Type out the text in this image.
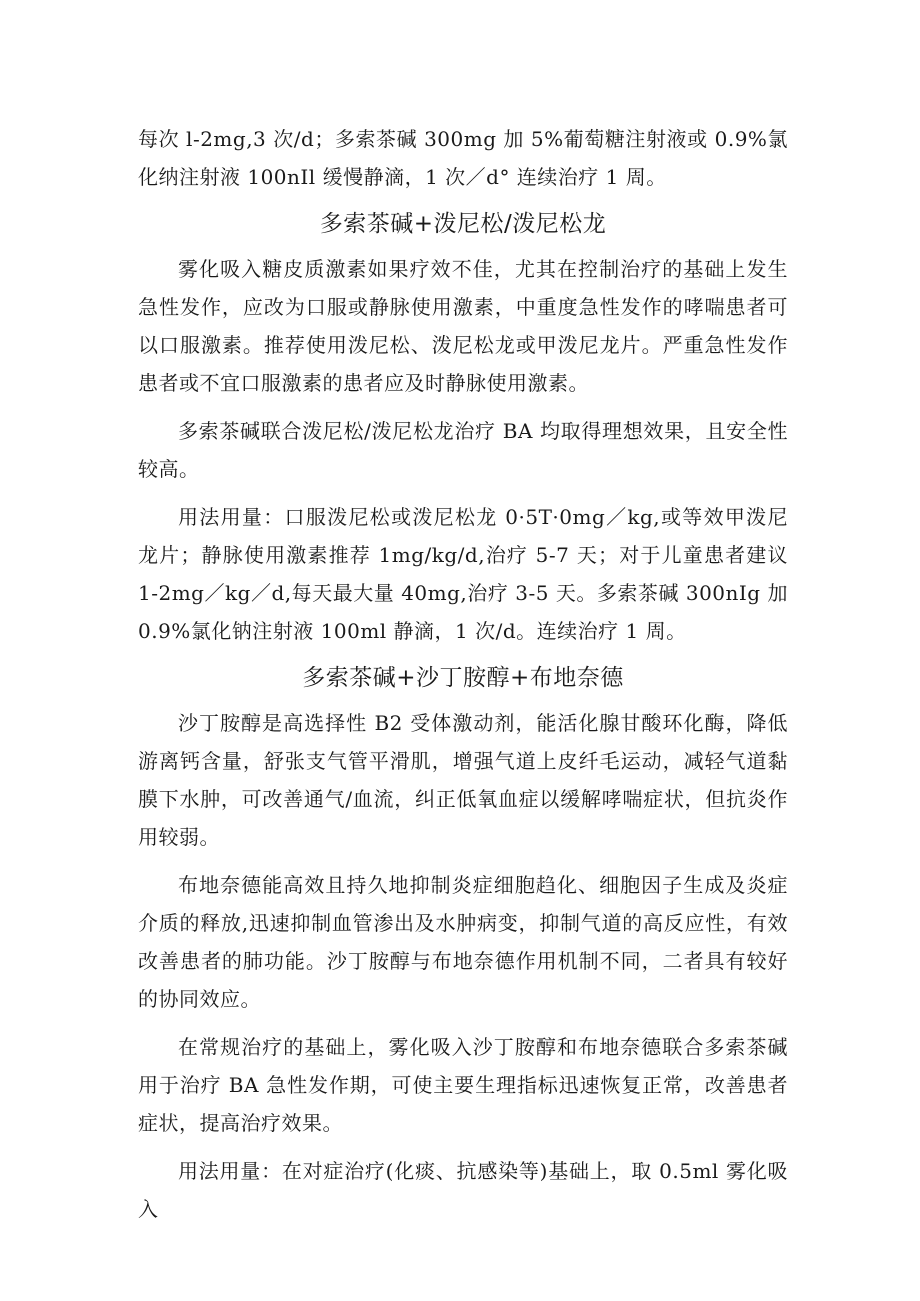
每次 l-2mg,3 次/d；多索茶碱 300mg 加 5%葡萄糖注射液或 0.9%氯化纳注射液 100nIl 缓慢静滴，1 次／d° 连续治疗 1 周。

多索茶碱+泼尼松/泼尼松龙

雾化吸入糖皮质激素如果疗效不佳，尤其在控制治疗的基础上发生急性发作，应改为口服或静脉使用激素，中重度急性发作的哮喘患者可以口服激素。推荐使用泼尼松、泼尼松龙或甲泼尼龙片。严重急性发作患者或不宜口服激素的患者应及时静脉使用激素。

多索茶碱联合泼尼松/泼尼松龙治疗 BA 均取得理想效果，且安全性较高。

用法用量：口服泼尼松或泼尼松龙 0·5T·0mg／kg,或等效甲泼尼龙片；静脉使用激素推荐 1mg/kg/d,治疗 5-7 天；对于儿童患者建议 1-2mg／kg／d,每天最大量 40mg,治疗 3-5 天。多索茶碱 300nIg 加 0.9%氯化钠注射液 100ml 静滴，1 次/d。连续治疗 1 周。

多索茶碱+沙丁胺醇+布地奈德

沙丁胺醇是高选择性 B2 受体激动剂，能活化腺甘酸环化酶，降低游离钙含量，舒张支气管平滑肌，增强气道上皮纤毛运动，减轻气道黏膜下水肿，可改善通气/血流，纠正低氧血症以缓解哮喘症状，但抗炎作用较弱。

布地奈德能高效且持久地抑制炎症细胞趋化、细胞因子生成及炎症介质的释放,迅速抑制血管渗出及水肿病变，抑制气道的高反应性，有效改善患者的肺功能。沙丁胺醇与布地奈德作用机制不同，二者具有较好的协同效应。

在常规治疗的基础上，雾化吸入沙丁胺醇和布地奈德联合多索茶碱用于治疗 BA 急性发作期，可使主要生理指标迅速恢复正常，改善患者症状，提高治疗效果。

用法用量：在对症治疗(化痰、抗感染等)基础上，取 0.5ml 雾化吸入
